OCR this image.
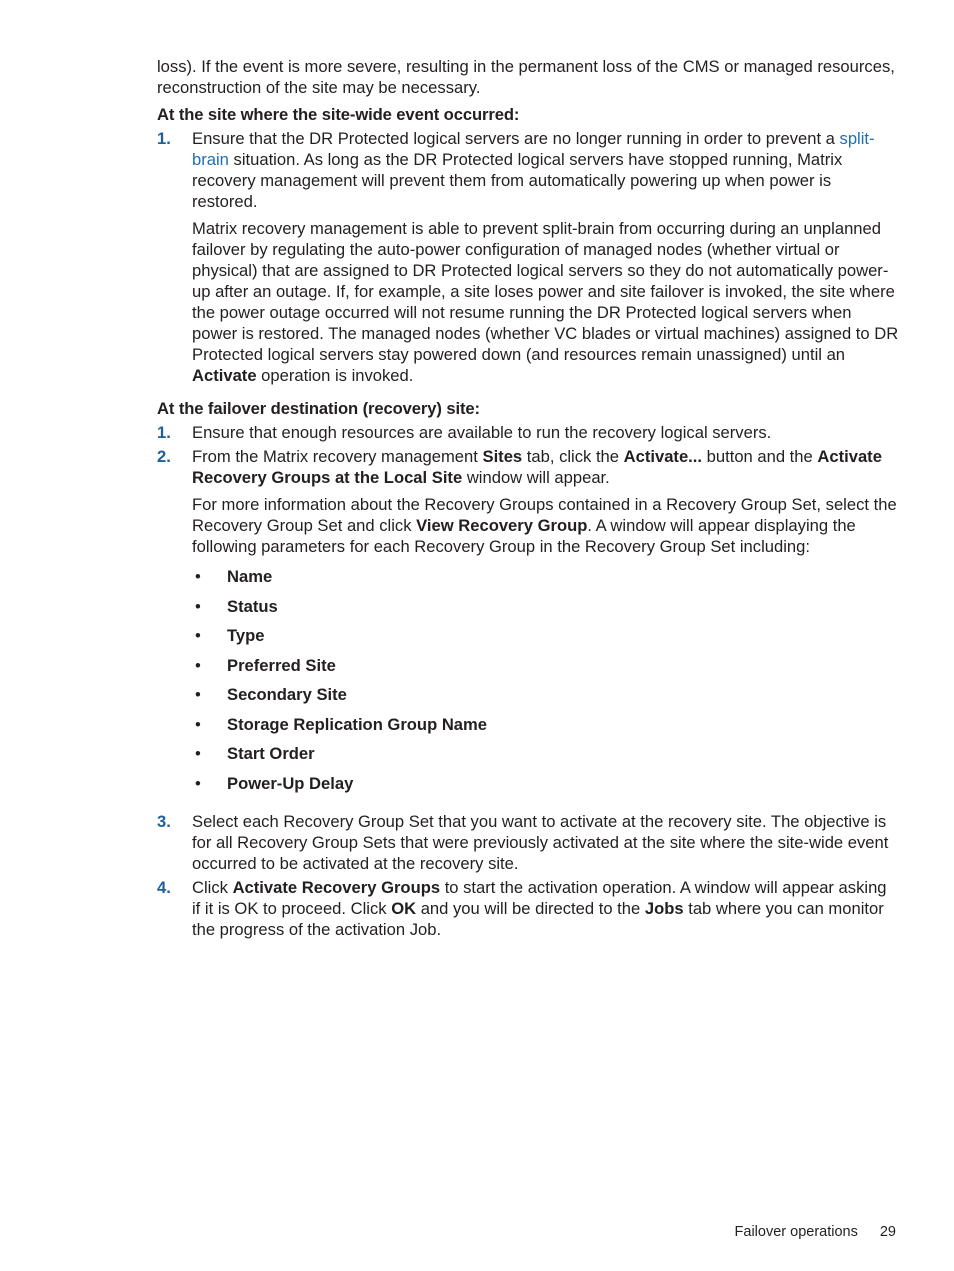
loss). If the event is more severe, resulting in the permanent loss of the CMS or managed resources, reconstruction of the site may be necessary.

At the site where the site-wide event occurred:

1. Ensure that the DR Protected logical servers are no longer running in order to prevent a split-brain situation. As long as the DR Protected logical servers have stopped running, Matrix recovery management will prevent them from automatically powering up when power is restored.

Matrix recovery management is able to prevent split-brain from occurring during an unplanned failover by regulating the auto-power configuration of managed nodes (whether virtual or physical) that are assigned to DR Protected logical servers so they do not automatically power-up after an outage. If, for example, a site loses power and site failover is invoked, the site where the power outage occurred will not resume running the DR Protected logical servers when power is restored. The managed nodes (whether VC blades or virtual machines) assigned to DR Protected logical servers stay powered down (and resources remain unassigned) until an Activate operation is invoked.

At the failover destination (recovery) site:

1. Ensure that enough resources are available to run the recovery logical servers.

2. From the Matrix recovery management Sites tab, click the Activate... button and the Activate Recovery Groups at the Local Site window will appear.

For more information about the Recovery Groups contained in a Recovery Group Set, select the Recovery Group Set and click View Recovery Group. A window will appear displaying the following parameters for each Recovery Group in the Recovery Group Set including:

• Name
• Status
• Type
• Preferred Site
• Secondary Site
• Storage Replication Group Name
• Start Order
• Power-Up Delay
3. Select each Recovery Group Set that you want to activate at the recovery site. The objective is for all Recovery Group Sets that were previously activated at the site where the site-wide event occurred to be activated at the recovery site.

4. Click Activate Recovery Groups to start the activation operation. A window will appear asking if it is OK to proceed. Click OK and you will be directed to the Jobs tab where you can monitor the progress of the activation Job.

Failover operations 29
